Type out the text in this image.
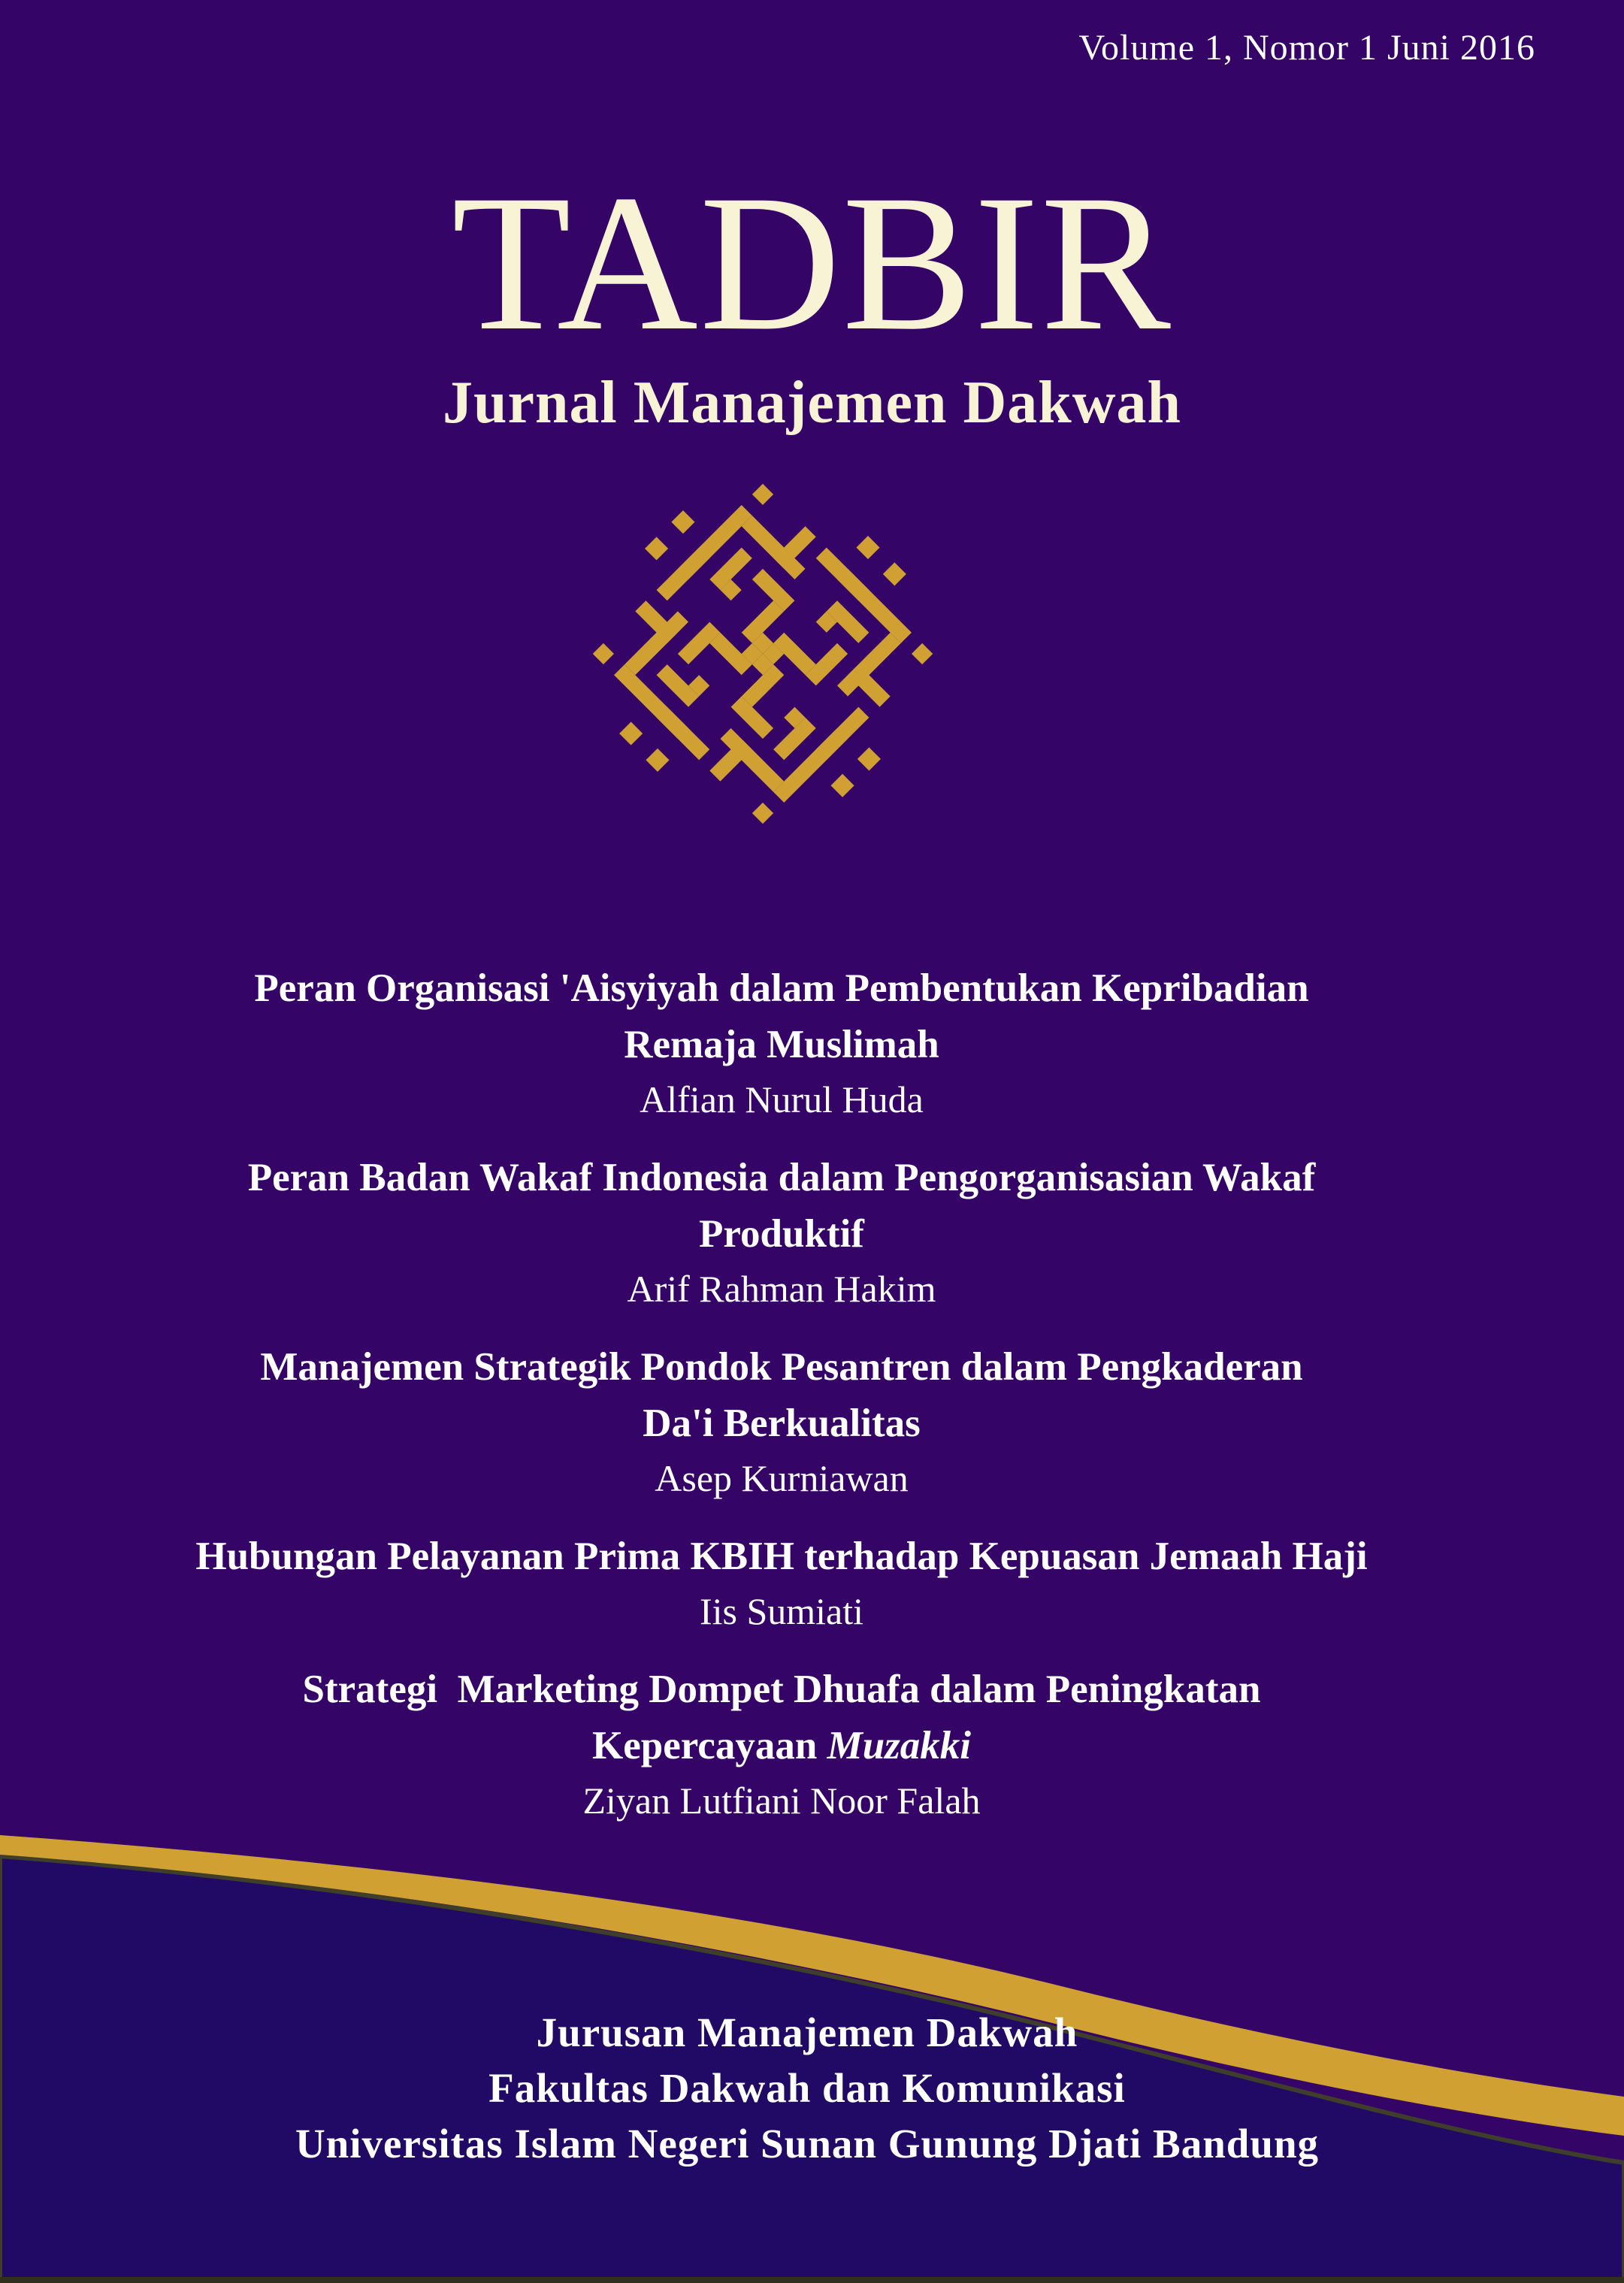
Volume 1, Nomor 1 Juni 2016
TADBIR
Jurnal Manajemen Dakwah
Peran Organisasi 'Aisyiyah dalam Pembentukan Kepribadian
Remaja Muslimah
Alfian Nurul Huda
Peran Badan Wakaf Indonesia dalam Pengorganisasian Wakaf
Produktif
Arif Rahman Hakim
Manajemen Strategik Pondok Pesantren dalam Pengkaderan
Da'i Berkualitas
Asep Kurniawan
Hubungan Pelayanan Prima KBIH terhadap Kepuasan Jemaah Haji
Iis Sumiati
Strategi  Marketing Dompet Dhuafa dalam Peningkatan
Kepercayaan Muzakki
Ziyan Lutfiani Noor Falah
Jurusan Manajemen Dakwah
Fakultas Dakwah dan Komunikasi
Universitas Islam Negeri Sunan Gunung Djati Bandung
